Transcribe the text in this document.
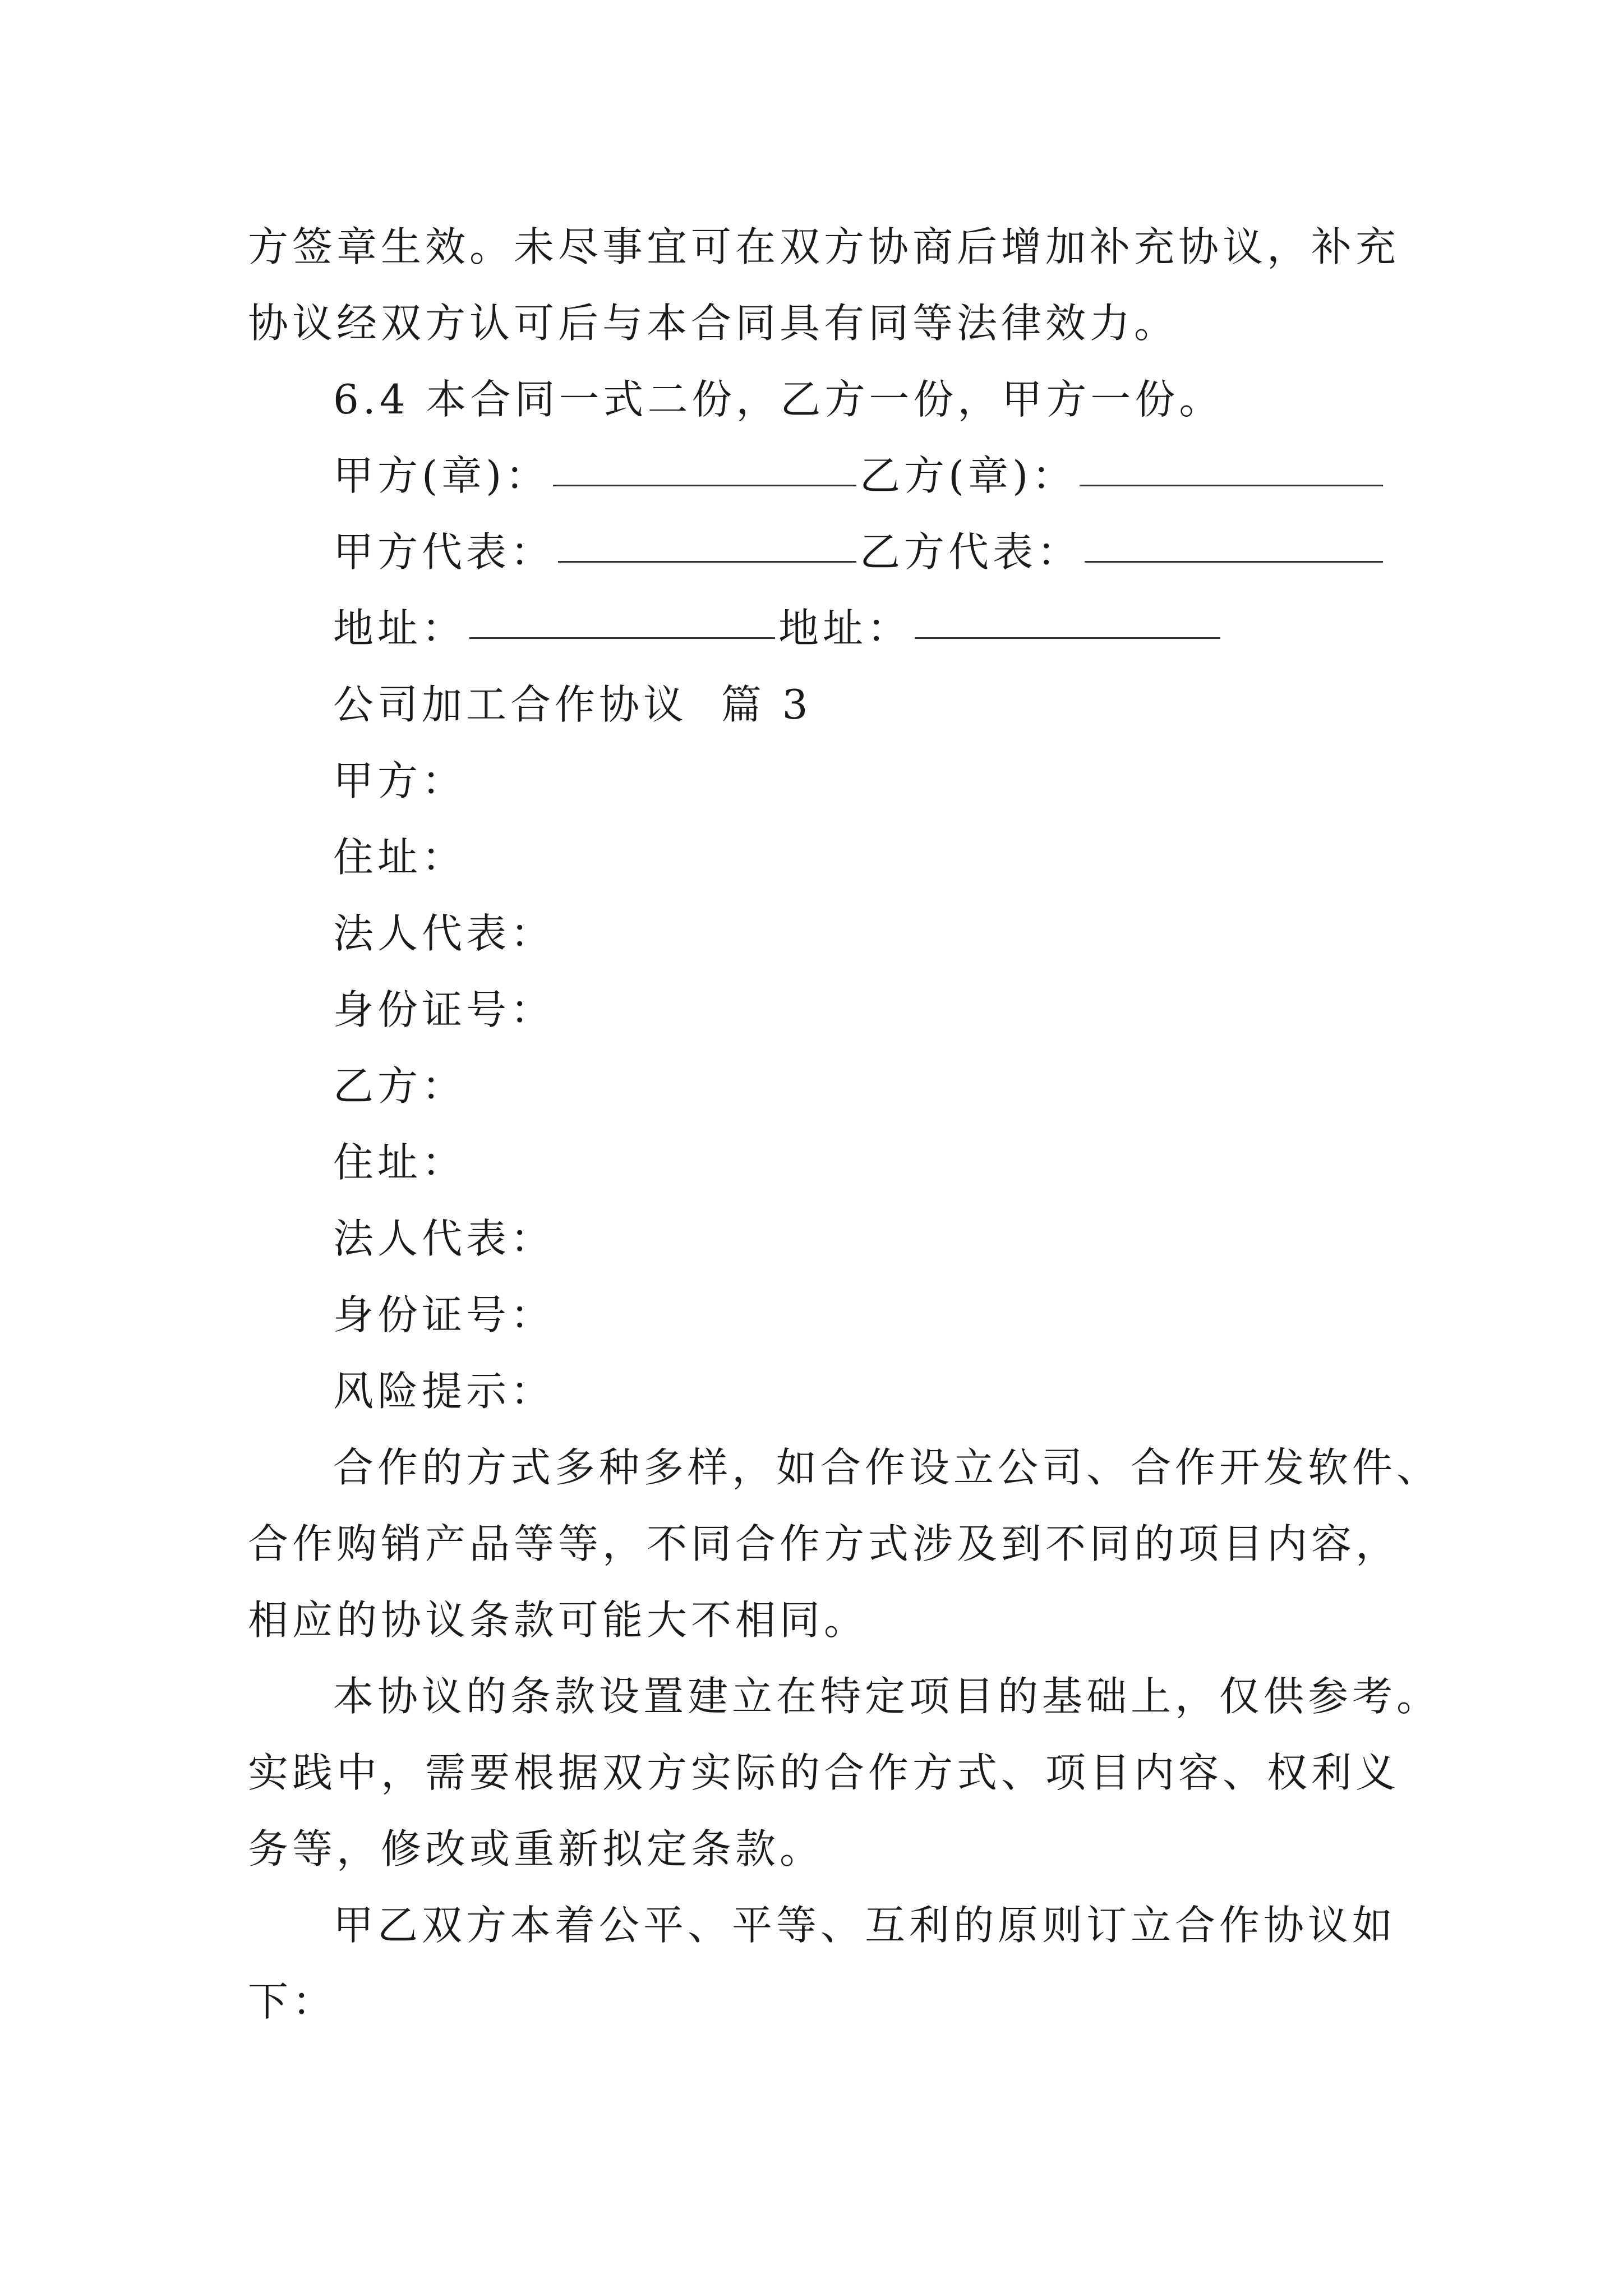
方签章生效。未尽事宜可在双方协商后增加补充协议，补充
协议经双方认可后与本合同具有同等法律效力。
6.4 本合同一式二份，乙方一份，甲方一份。
甲方(章)：	乙方(章)：
甲方代表：	乙方代表：
地址：	地址：
公司加工合作协议  篇 3
甲方：
住址：
法人代表：
身份证号：
乙方：
住址：
法人代表：
身份证号：
风险提示：
合作的方式多种多样，如合作设立公司、合作开发软件、
合作购销产品等等，不同合作方式涉及到不同的项目内容，
相应的协议条款可能大不相同。
本协议的条款设置建立在特定项目的基础上，仅供参考。
实践中，需要根据双方实际的合作方式、项目内容、权利义
务等，修改或重新拟定条款。
甲乙双方本着公平、平等、互利的原则订立合作协议如
下：
